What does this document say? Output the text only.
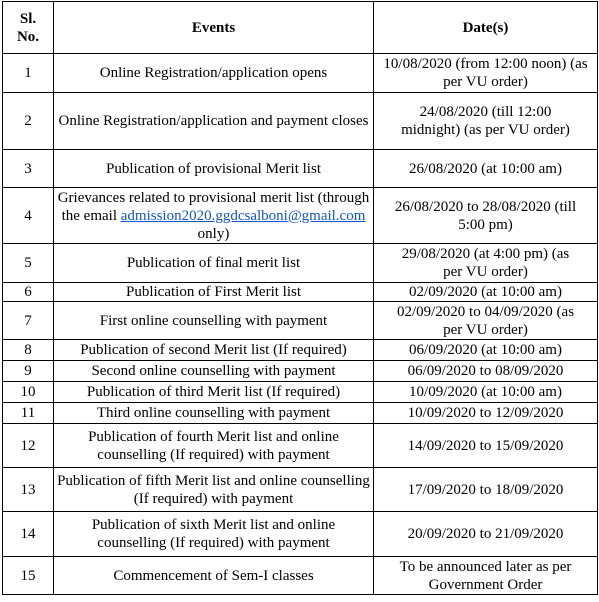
Sl. No.	Events	Date(s)
1	Online Registration/application opens	10/08/2020 (from 12:00 noon) (as per VU order)
2	Online Registration/application and payment closes	24/08/2020 (till 12:00 midnight) (as per VU order)
3	Publication of provisional Merit list	26/08/2020 (at 10:00 am)
4	Grievances related to provisional merit list (through the email admission2020.ggdcsalboni@gmail.com only)	26/08/2020 to 28/08/2020 (till 5:00 pm)
5	Publication of final merit list	29/08/2020 (at 4:00 pm) (as per VU order)
6	Publication of First Merit list	02/09/2020 (at 10:00 am)
7	First online counselling with payment	02/09/2020 to 04/09/2020 (as per VU order)
8	Publication of second Merit list (If required)	06/09/2020 (at 10:00 am)
9	Second online counselling with payment	06/09/2020 to 08/09/2020
10	Publication of third Merit list (If required)	10/09/2020 (at 10:00 am)
11	Third online counselling with payment	10/09/2020 to 12/09/2020
12	Publication of fourth Merit list and online counselling (If required) with payment	14/09/2020 to 15/09/2020
13	Publication of fifth Merit list and online counselling (If required) with payment	17/09/2020 to 18/09/2020
14	Publication of sixth Merit list and online counselling (If required) with payment	20/09/2020 to 21/09/2020
15	Commencement of Sem-I classes	To be announced later as per Government Order
